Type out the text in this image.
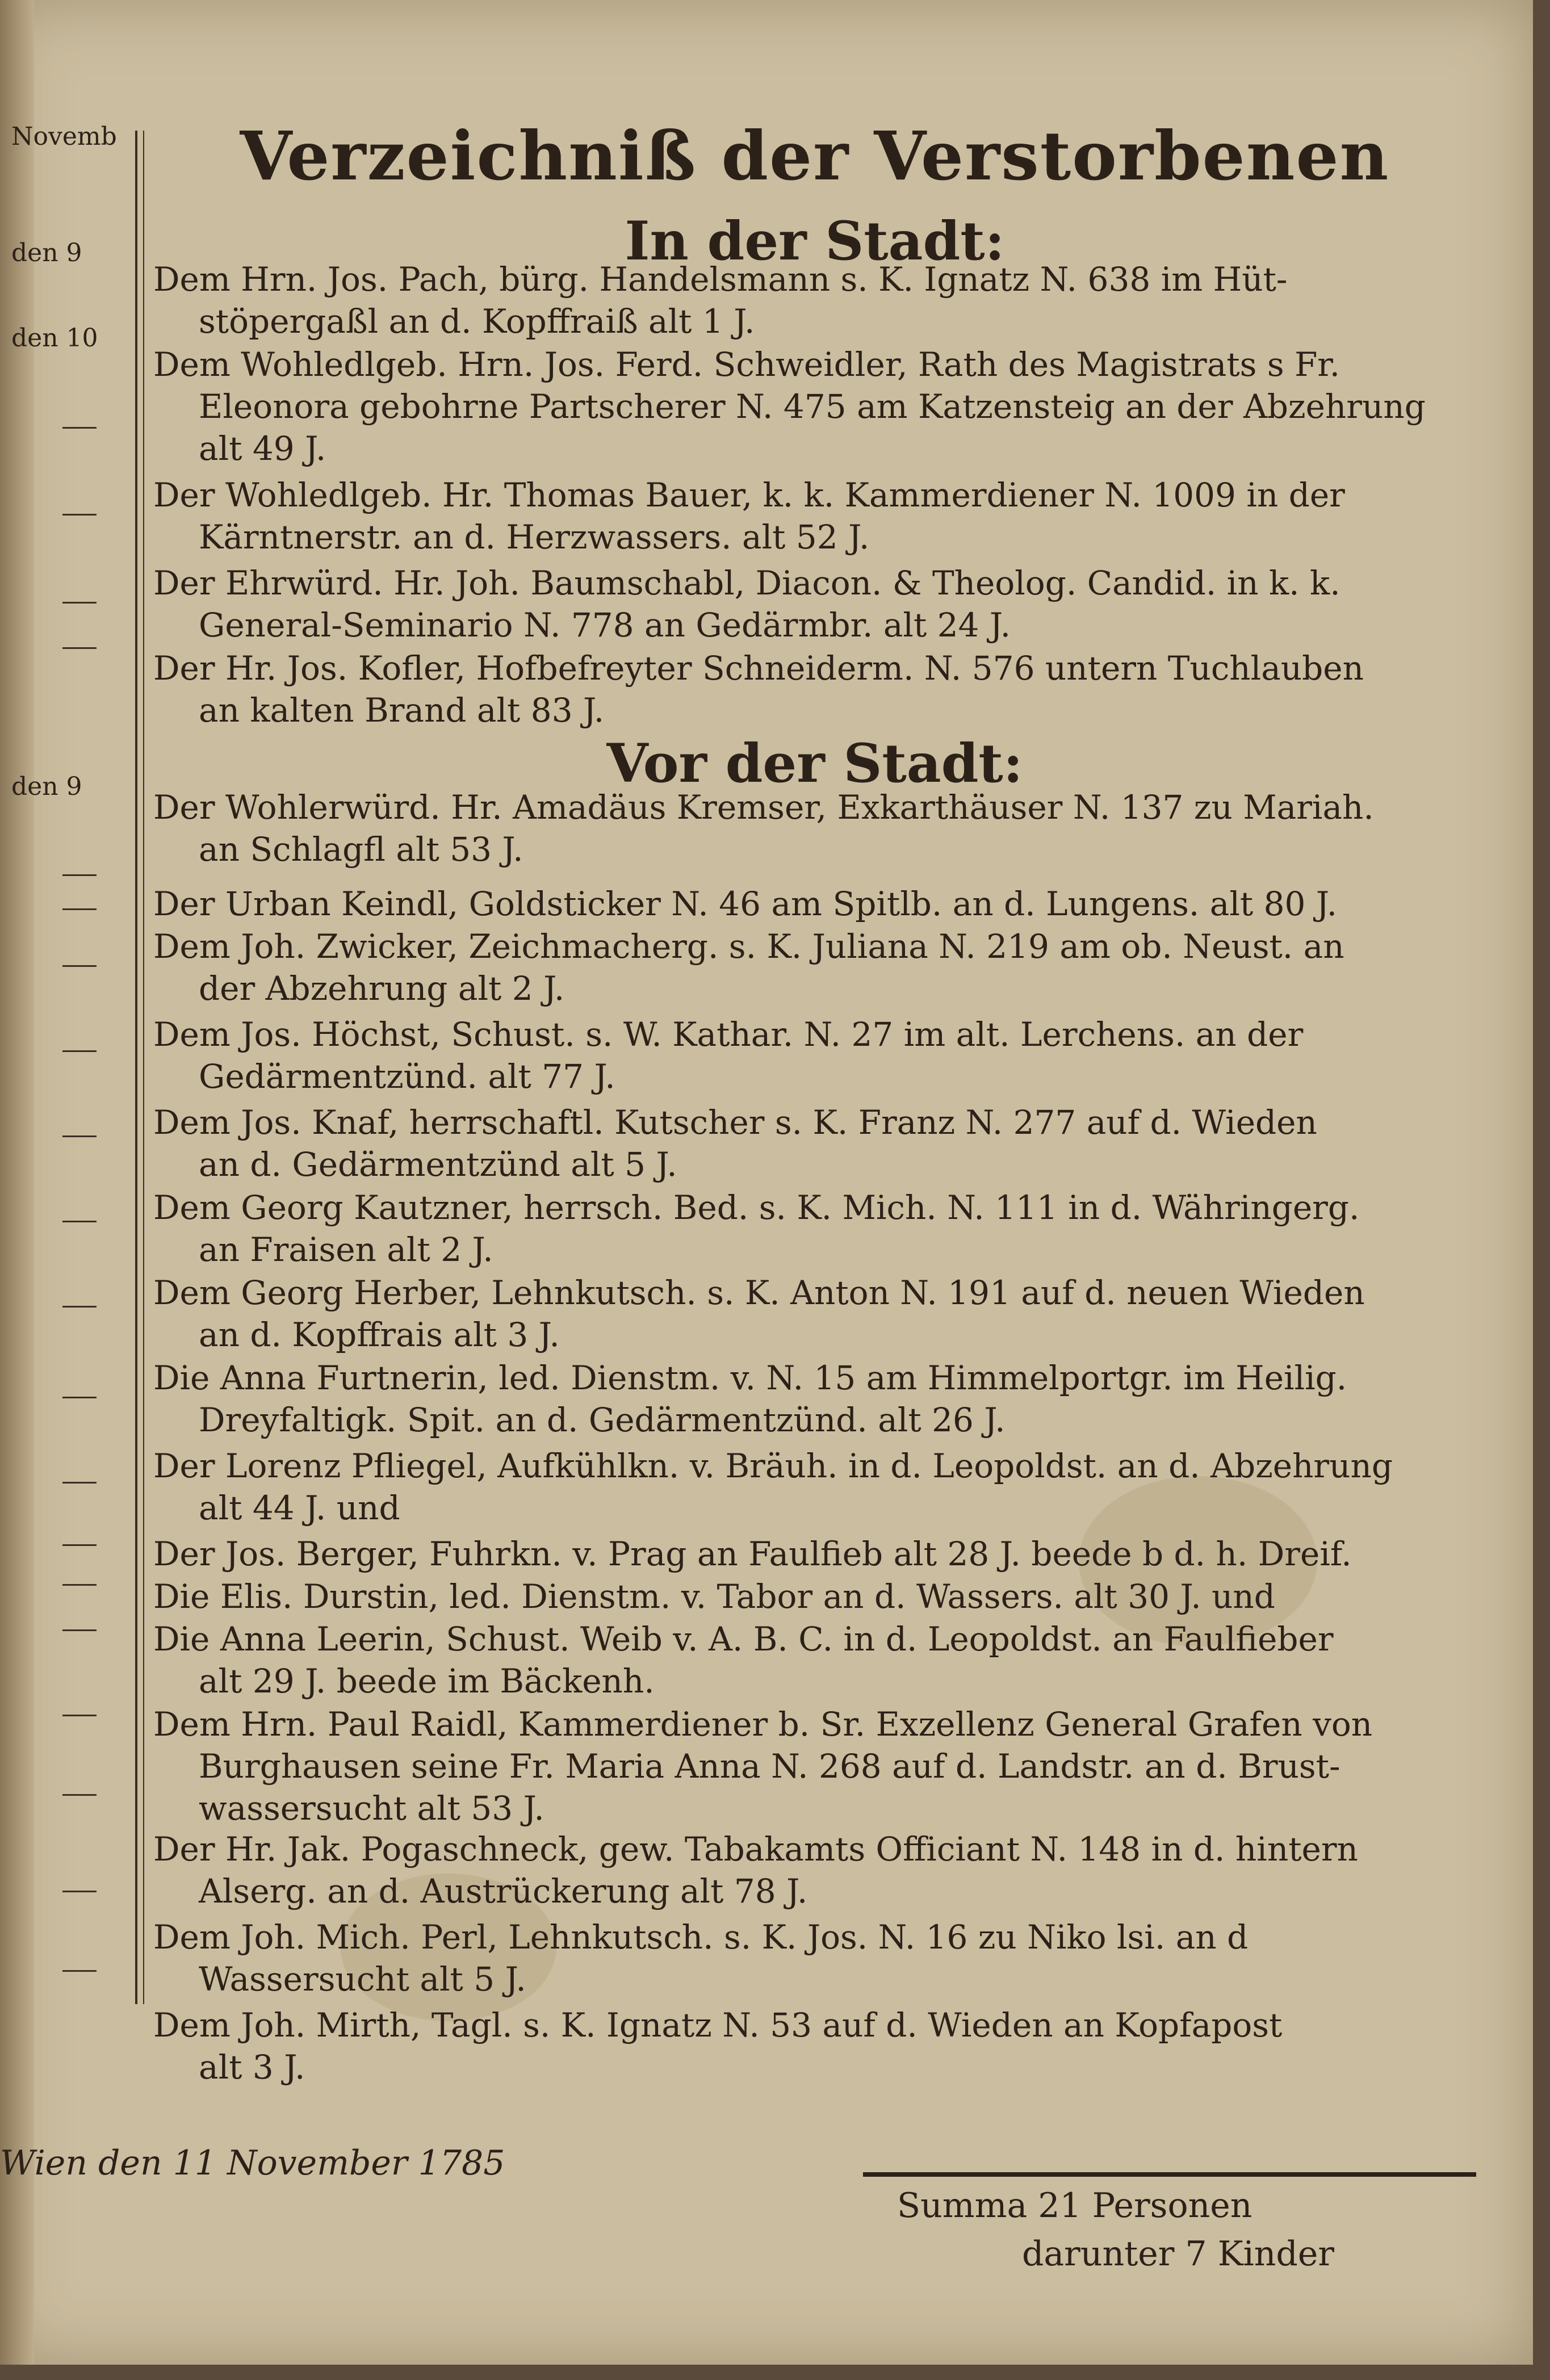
Novemb
den 9
den 10
den 9
Verzeichniß der Verstorbenen
In der Stadt:
Dem Hrn. Jos. Pach, bürg. Handelsmann s. K. Ignatz N. 638 im Hüt-
stöpergaßl an d. Kopffraiß alt 1 J.
Dem Wohledlgeb. Hrn. Jos. Ferd. Schweidler, Rath des Magistrats s Fr.
Eleonora gebohrne Partscherer N. 475 am Katzensteig an der Abzehrung alt 49 J.
Der Wohledlgeb. Hr. Thomas Bauer, k. k. Kammerdiener N. 1009 in der
Kärntnerstr. an d. Herzwassers. alt 52 J.
Der Ehrwürd. Hr. Joh. Baumschabl, Diacon. & Theolog. Candid. in k. k.
General-Seminario N. 778 an Gedärmbr. alt 24 J.
Der Hr. Jos. Kofler, Hofbefreyter Schneiderm. N. 576 untern Tuchlauben
an kalten Brand alt 83 J.
Vor der Stadt:
Der Wohlerwürd. Hr. Amadäus Kremser, Exkarthäuser N. 137 zu Mariah.
an Schlagfl alt 53 J.
Der Urban Keindl, Goldsticker N. 46 am Spitlb. an d. Lungens. alt 80 J.
Dem Joh. Zwicker, Zeichmacherg. s. K. Juliana N. 219 am ob. Neust. an
der Abzehrung alt 2 J.
Dem Jos. Höchst, Schust. s. W. Kathar. N. 27 im alt. Lerchens. an der
Gedärmentzünd. alt 77 J.
Dem Jos. Knaf, herrschaftl. Kutscher s. K. Franz N. 277 auf d. Wieden
an d. Gedärmentzünd alt 5 J.
Dem Georg Kautzner, herrsch. Bed. s. K. Mich. N. 111 in d. Währingerg.
an Fraisen alt 2 J.
Dem Georg Herber, Lehnkutsch. s. K. Anton N. 191 auf d. neuen Wieden
an d. Kopffrais alt 3 J.
Die Anna Furtnerin, led. Dienstm. v. N. 15 am Himmelportgr. im Heilig.
Dreyfaltigk. Spit. an d. Gedärmentzünd. alt 26 J.
Der Lorenz Pfliegel, Aufkühlkn. v. Bräuh. in d. Leopoldst. an d. Abzehrung
alt 44 J. und
Der Jos. Berger, Fuhrkn. v. Prag an Faulfieb alt 28 J. beede b d. h. Dreif.
Die Elis. Durstin, led. Dienstm. v. Tabor an d. Wassers. alt 30 J. und
Die Anna Leerin, Schust. Weib v. A. B. C. in d. Leopoldst. an Faulfieber
alt 29 J. beede im Bäckenh.
Dem Hrn. Paul Raidl, Kammerdiener b. Sr. Exzellenz General Grafen von
Burghausen seine Fr. Maria Anna N. 268 auf d. Landstr. an d. Brust-wassersucht alt 53 J.
Der Hr. Jak. Pogaschneck, gew. Tabakamts Officiant N. 148 in d. hintern
Alserg. an d. Austrückerung alt 78 J.
Dem Joh. Mich. Perl, Lehnkutsch. s. K. Jos. N. 16 zu Niko lsi. an d
Wassersucht alt 5 J.
Dem Joh. Mirth, Tagl. s. K. Ignatz N. 53 auf d. Wieden an Kopfapost
alt 3 J.
Wien den 11 November 1785
Summa 21 Personen
darunter 7 Kinder
